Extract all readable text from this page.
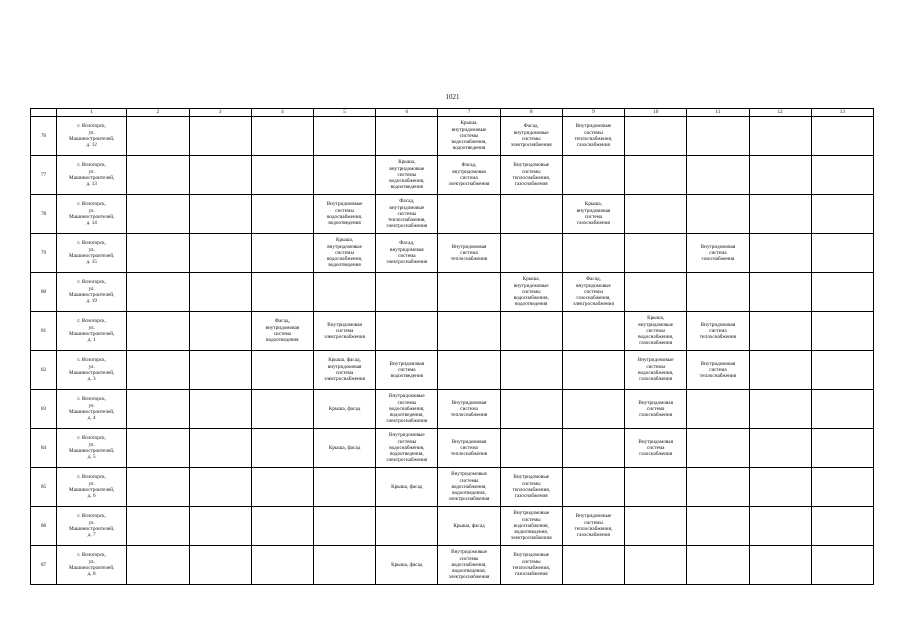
1021
	1	2	3	4	5	6	7	8	9	10	11	12	13
76	г. Ясногорск,
ул.
Машиностроителей,
д. 12						Крыша,
внутридомовые
системы
водоснабжения,
водоотведения	Фасад,
внутридомовые
системы
электроснабжения	Внутридомовые
системы
теплоснабжения,
газоснабжения				

77	г. Ясногорск,
ул.
Машиностроителей,
д. 13					Крыша,
внутридомовые
системы
водоснабжения,
водоотведения	Фасад,
внутридомовая
система
электроснабжения	Внутридомовые
системы
теплоснабжения,
газоснабжения					

78	г. Ясногорск,
ул.
Машиностроителей,
д. 14				Внутридомовые
системы
водоснабжения,
водоотведения	Фасад,
внутридомовые
системы
теплоснабжения,
электроснабжения			Крыша,
внутридомовая
система
газоснабжения				

79	г. Ясногорск,
ул.
Машиностроителей,
д. 15				Крыша,
внутридомовые
системы
водоснабжения,
водоотведения	Фасад,
внутридомовая
система
электроснабжения	Внутридомовая
система
теплоснабжения				Внутридомовая
система
газоснабжения		

80	г. Ясногорск,
ул.
Машиностроителей,
д. 19							Крыша,
внутридомовые
системы
водоснабжения,
водоотведения	Фасад,
внутридомовые
системы
газоснабжения,
электроснабжения				

81	г. Ясногорск,
ул.
Машиностроителей,
д. 1			Фасад,
внутридомовая
система
водоотведения	Внутридомовая
система
электроснабжения					Крыша,
внутридомовые
системы
водоснабжения,
газоснабжения	Внутридомовая
система
теплоснабжения		

82	г. Ясногорск,
ул.
Машиностроителей,
д. 3				Крыша, фасад,
внутридомовая
система
электроснабжения	Внутридомовая
система
водоотведения				Внутридомовые
системы
водоснабжения,
газоснабжения	Внутридомовая
система
теплоснабжения		

83	г. Ясногорск,
ул.
Машиностроителей,
д. 4				Крыша, фасад	Внутридомовые
системы
водоснабжения,
водоотведения,
электроснабжения	Внутридомовая
система
теплоснабжения			Внутридомовая
система
газоснабжения			

84	г. Ясногорск,
ул.
Машиностроителей,
д. 5				Крыша, фасад	Внутридомовые
системы
водоснабжения,
водоотведения,
электроснабжения	Внутридомовая
система
теплоснабжения			Внутридомовая
система
газоснабжения			

85	г. Ясногорск,
ул.
Машиностроителей,
д. 6					Крыша, фасад	Внутридомовые
системы
водоснабжения,
водоотведения,
электроснабжения	Внутридомовые
системы
теплоснабжения,
газоснабжения					

86	г. Ясногорск,
ул.
Машиностроителей,
д. 7						Крыша, фасад	Внутридомовые
системы
водоснабжения,
водоотведения,
электроснабжения	Внутридомовые
системы
теплоснабжения,
газоснабжения				

87	г. Ясногорск,
ул.
Машиностроителей,
д. 8					Крыша, фасад	Внутридомовые
системы
водоснабжения,
водоотведения,
электроснабжения	Внутридомовые
системы
теплоснабжения,
газоснабжения					
